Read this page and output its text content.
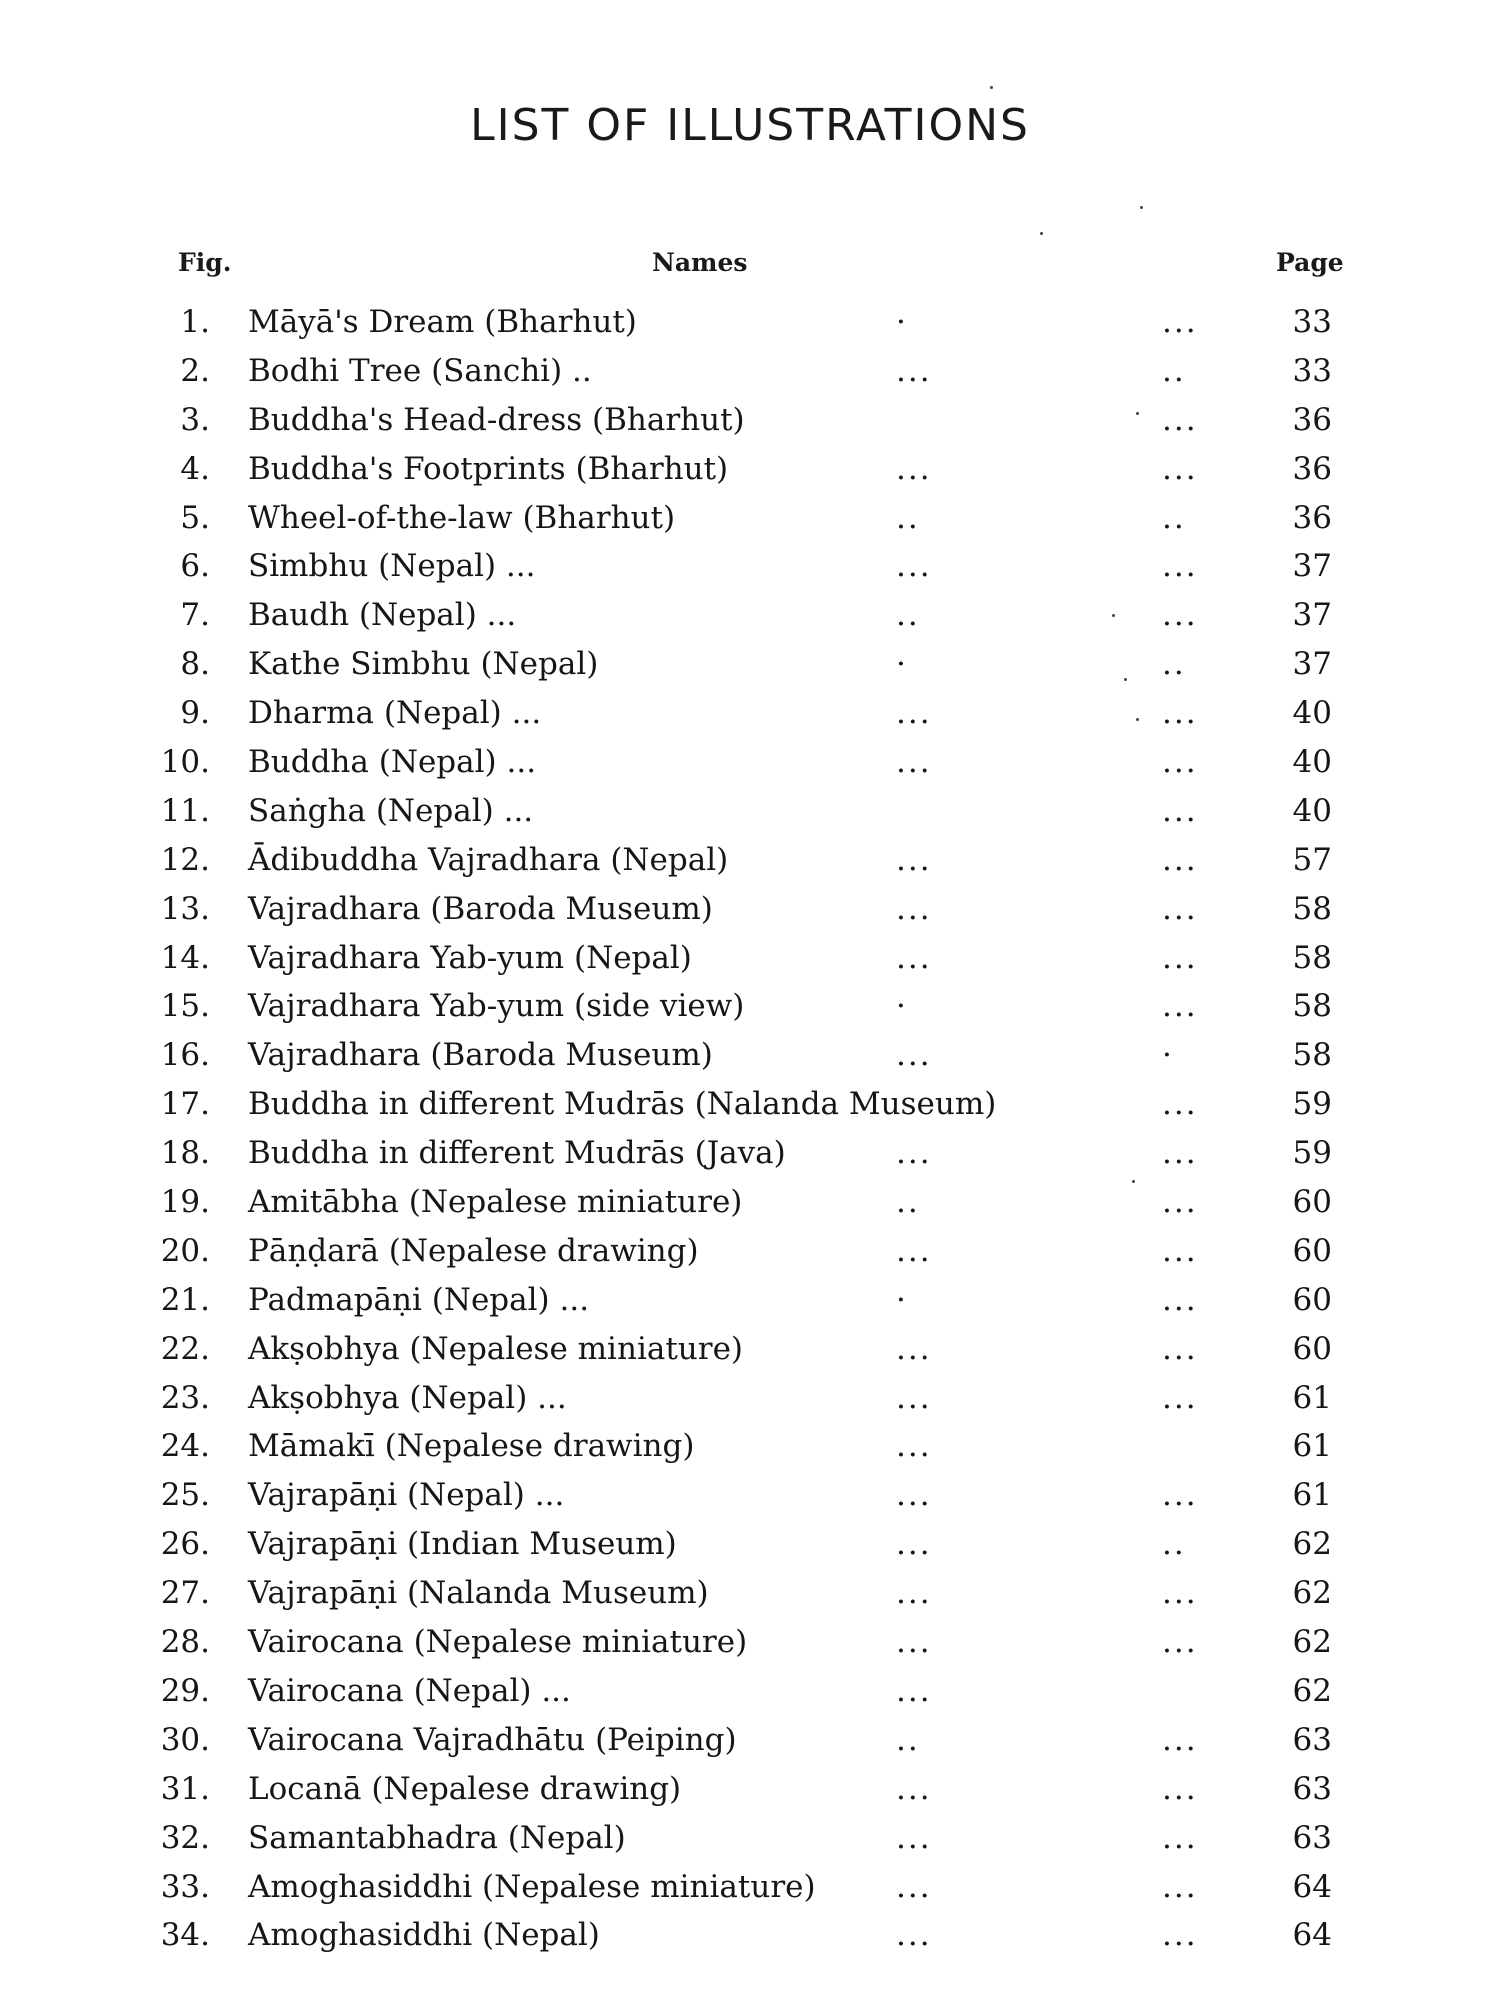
LIST OF ILLUSTRATIONS
Fig.	Names	Page
1. Māyā's Dream (Bharhut)	·	...	33
2. Bodhi Tree (Sanchi) ..	...	..	33
3. Buddha's Head-dress (Bharhut)	...	36
4. Buddha's Footprints (Bharhut)	...	...	36
5. Wheel-of-the-law (Bharhut)	..	..	36
6. Simbhu (Nepal) ...	...	...	37
7. Baudh (Nepal) ...	..	...	37
8. Kathe Simbhu (Nepal)	·	..	37
9. Dharma (Nepal) ...	...	...	40
10. Buddha (Nepal) ...	...	...	40
11. Saṅgha (Nepal) ...	...	40
12. Ādibuddha Vajradhara (Nepal)	...	...	57
13. Vajradhara (Baroda Museum)	...	...	58
14. Vajradhara Yab-yum (Nepal)	...	...	58
15. Vajradhara Yab-yum (side view)	·	...	58
16. Vajradhara (Baroda Museum)	...	·	58
17. Buddha in different Mudrās (Nalanda Museum)	...	59
18. Buddha in different Mudrās (Java)	...	...	59
19. Amitābha (Nepalese miniature)	..	...	60
20. Pāṇḍarā (Nepalese drawing)	...	...	60
21. Padmapāṇi (Nepal) ...	·	...	60
22. Akṣobhya (Nepalese miniature)	...	...	60
23. Akṣobhya (Nepal) ...	...	...	61
24. Māmakī (Nepalese drawing)	...	61
25. Vajrapāṇi (Nepal) ...	...	...	61
26. Vajrapāṇi (Indian Museum)	...	..	62
27. Vajrapāṇi (Nalanda Museum)	...	...	62
28. Vairocana (Nepalese miniature)	...	...	62
29. Vairocana (Nepal) ...	...	62
30. Vairocana Vajradhātu (Peiping)	..	...	63
31. Locanā (Nepalese drawing)	...	...	63
32. Samantabhadra (Nepal)	...	...	63
33. Amoghasiddhi (Nepalese miniature)	...	...	64
34. Amoghasiddhi (Nepal)	...	...	64
